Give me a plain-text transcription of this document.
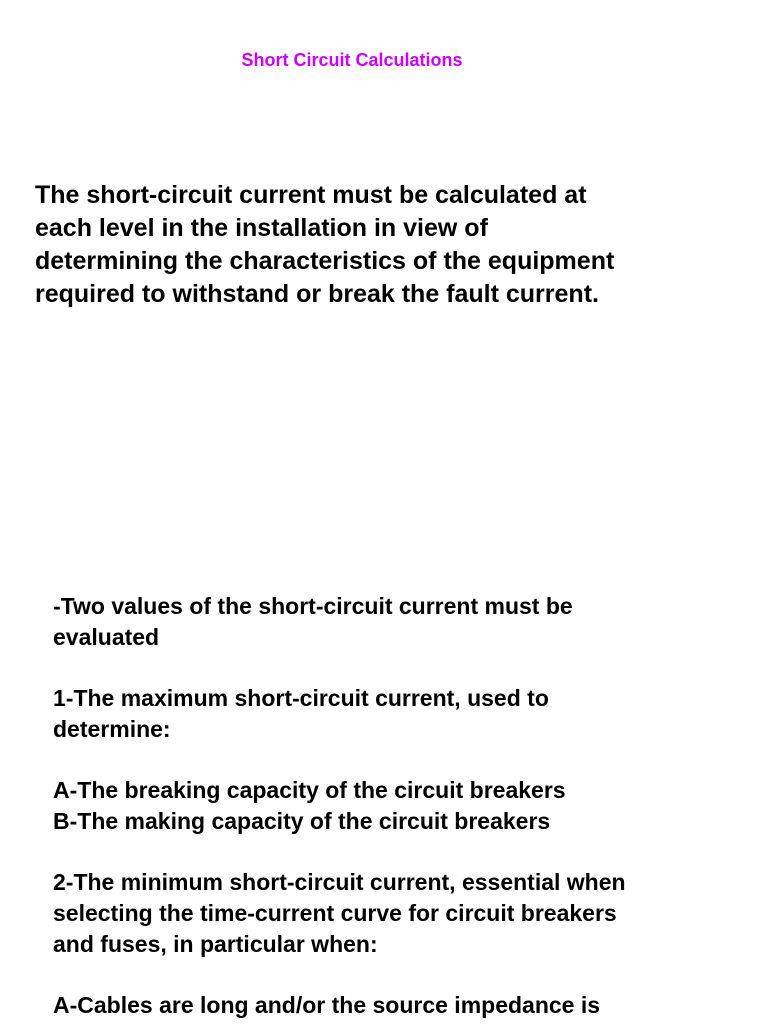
Short Circuit Calculations

The short-circuit current must be calculated at
each level in the installation in view of
determining the characteristics of the equipment
required to withstand or break the fault current.

-Two values of the short-circuit current must be
evaluated
1-The maximum short-circuit current, used to
determine:
A-The breaking capacity of the circuit breakers
B-The making capacity of the circuit breakers
2-The minimum short-circuit current, essential when
selecting the time-current curve for circuit breakers
and fuses, in particular when:
A-Cables are long and/or the source impedance is
